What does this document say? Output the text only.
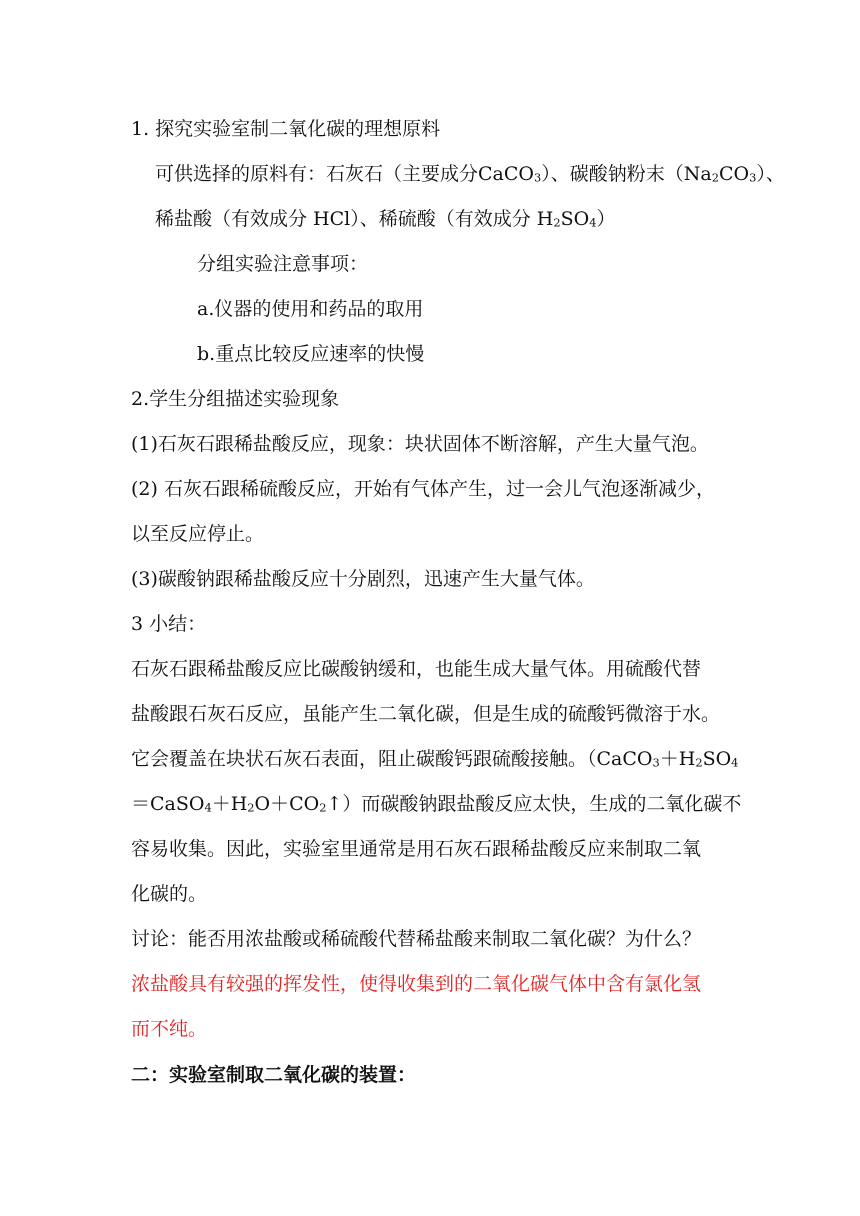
1. 探究实验室制二氧化碳的理想原料
可供选择的原料有：石灰石（主要成分CaCO$_3$）、碳酸钠粉末$(Na_2CO_3)$、
稀盐酸（有效成分 HCl）、稀硫酸（有效成分 $H_2SO_4$）
分组实验注意事项：
a.仪器的使用和药品的取用
b.重点比较反应速率的快慢
2.学生分组描述实验现象
(1)石灰石跟稀盐酸反应，现象：块状固体不断溶解，产生大量气泡。
(2) 石灰石跟稀硫酸反应，开始有气体产生，过一会儿气泡逐渐减少，
以至反应停止。
(3)碳酸钠跟稀盐酸反应十分剧烈，迅速产生大量气体。
3 小结：
石灰石跟稀盐酸反应比碳酸钠缓和，也能生成大量气体。用硫酸代替
盐酸跟石灰石反应，虽能产生二氧化碳，但是生成的硫酸钙微溶于水。
它会覆盖在块状石灰石表面，阻止碳酸钙跟硫酸接触。（$CaCO_3+H_2SO_4$
$=CaSO_4+H_2O+CO_2↑$）而碳酸钠跟盐酸反应太快，生成的二氧化碳不
容易收集。因此，实验室里通常是用石灰石跟稀盐酸反应来制取二氧
化碳的。
讨论：能否用浓盐酸或稀硫酸代替稀盐酸来制取二氧化碳？为什么？
浓盐酸具有较强的挥发性，使得收集到的二氧化碳气体中含有氯化氢
而不纯。
二：实验室制取二氧化碳的装置：
